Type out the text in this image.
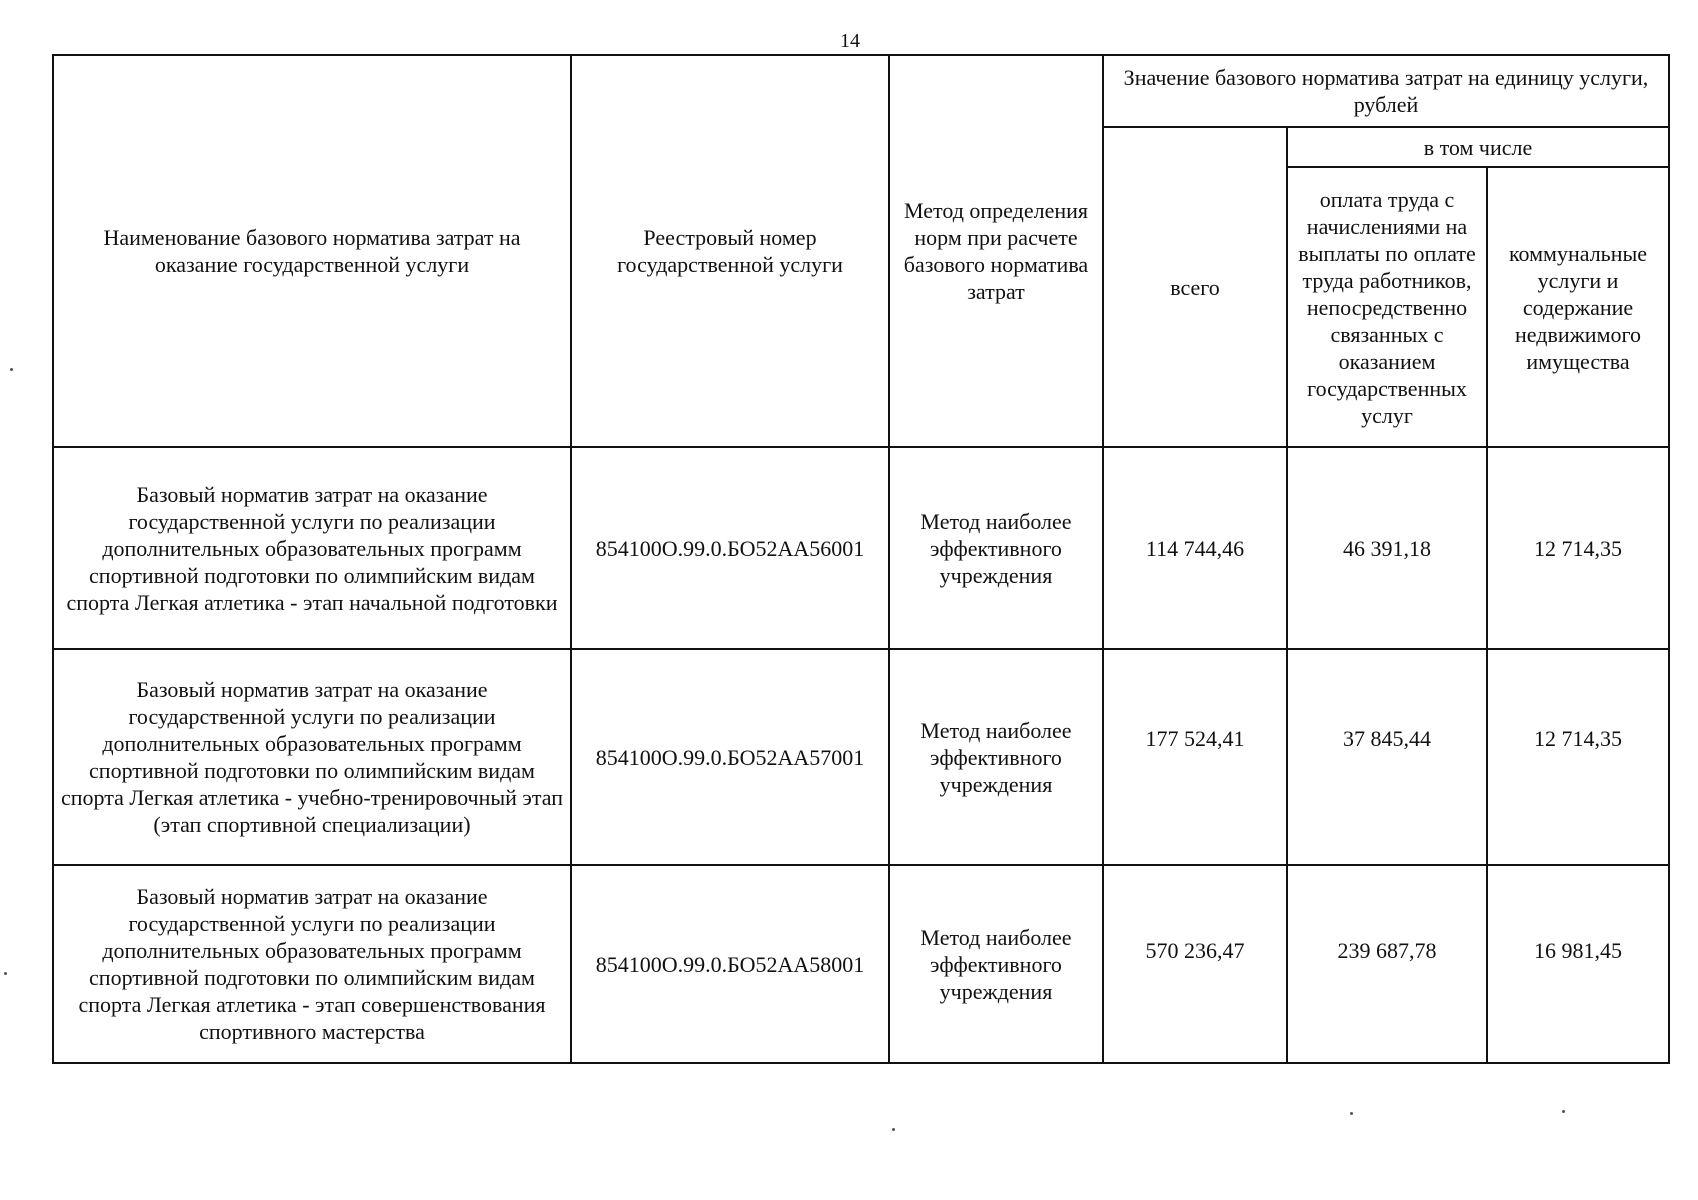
14
Наименование базового норматива затрат на оказание государственной услуги	Реестровый номер государственной услуги	Метод определения норм при расчете базового норматива затрат	Значение базового норматива затрат на единицу услуги, рублей		
			всего	в том числе	
				оплата труда с начислениями на выплаты по оплате труда работников, непосредственно связанных с оказанием государственных услуг	коммунальные услуги и содержание недвижимого имущества
Базовый норматив затрат на оказание государственной услуги по реализации дополнительных образовательных программ спортивной подготовки по олимпийским видам спорта Легкая атлетика - этап начальной подготовки	854100О.99.0.БО52АА56001	Метод наиболее эффективного учреждения	114 744,46	46 391,18	12 714,35
Базовый норматив затрат на оказание государственной услуги по реализации дополнительных образовательных программ спортивной подготовки по олимпийским видам спорта Легкая атлетика - учебно-тренировочный этап (этап спортивной специализации)	854100О.99.0.БО52АА57001	Метод наиболее эффективного учреждения	177 524,41	37 845,44	12 714,35
Базовый норматив затрат на оказание государственной услуги по реализации дополнительных образовательных программ спортивной подготовки по олимпийским видам спорта Легкая атлетика - этап совершенствования спортивного мастерства	854100О.99.0.БО52АА58001	Метод наиболее эффективного учреждения	570 236,47	239 687,78	16 981,45
